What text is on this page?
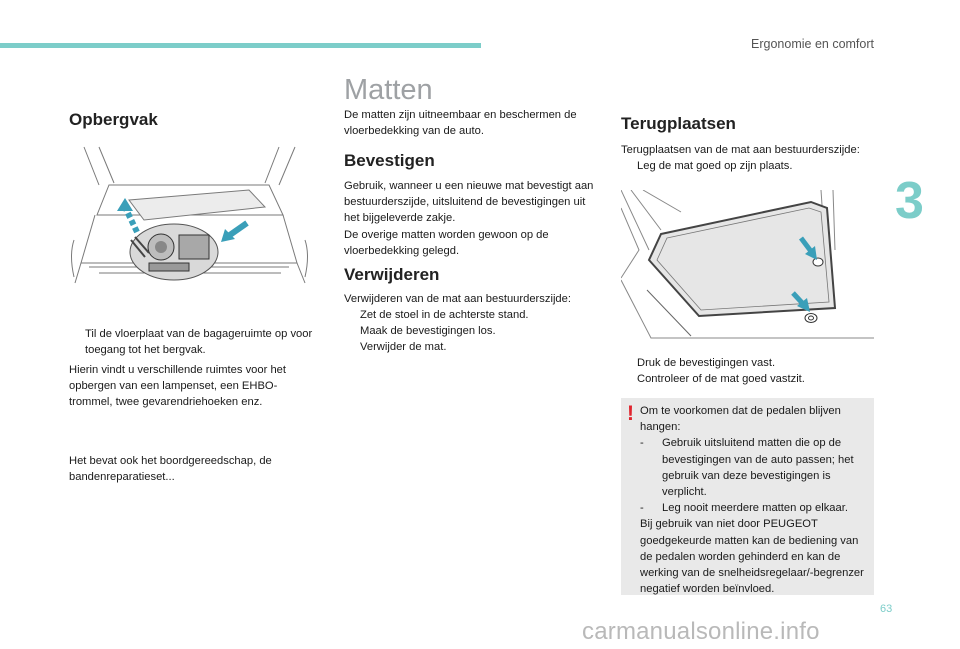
Ergonomie en comfort
3
63
Opbergvak
Til de vloerplaat van de bagageruimte op voor toegang tot het bergvak.
Hierin vindt u verschillende ruimtes voor het opbergen van een lampenset, een EHBO-trommel, twee gevarendriehoeken enz.
Het bevat ook het boordgereedschap, de bandenreparatieset...
Matten
De matten zijn uitneembaar en beschermen de vloerbedekking van de auto.
Bevestigen
Gebruik, wanneer u een nieuwe mat bevestigt aan bestuurderszijde, uitsluitend de bevestigingen uit het bijgeleverde zakje.
De overige matten worden gewoon op de vloerbedekking gelegd.
Verwijderen
Verwijderen van de mat aan bestuurderszijde:
Zet de stoel in de achterste stand.
Maak de bevestigingen los.
Verwijder de mat.
Terugplaatsen
Terugplaatsen van de mat aan bestuurderszijde:
Leg de mat goed op zijn plaats.
Druk de bevestigingen vast.
Controleer of de mat goed vastzit.
! Om te voorkomen dat de pedalen blijven hangen:
- Gebruik uitsluitend matten die op de bevestigingen van de auto passen; het gebruik van deze bevestigingen is verplicht.
- Leg nooit meerdere matten op elkaar.
Bij gebruik van niet door PEUGEOT goedgekeurde matten kan de bediening van de pedalen worden gehinderd en kan de werking van de snelheidsregelaar/-begrenzer negatief worden beïnvloed.
carmanualsonline.info
